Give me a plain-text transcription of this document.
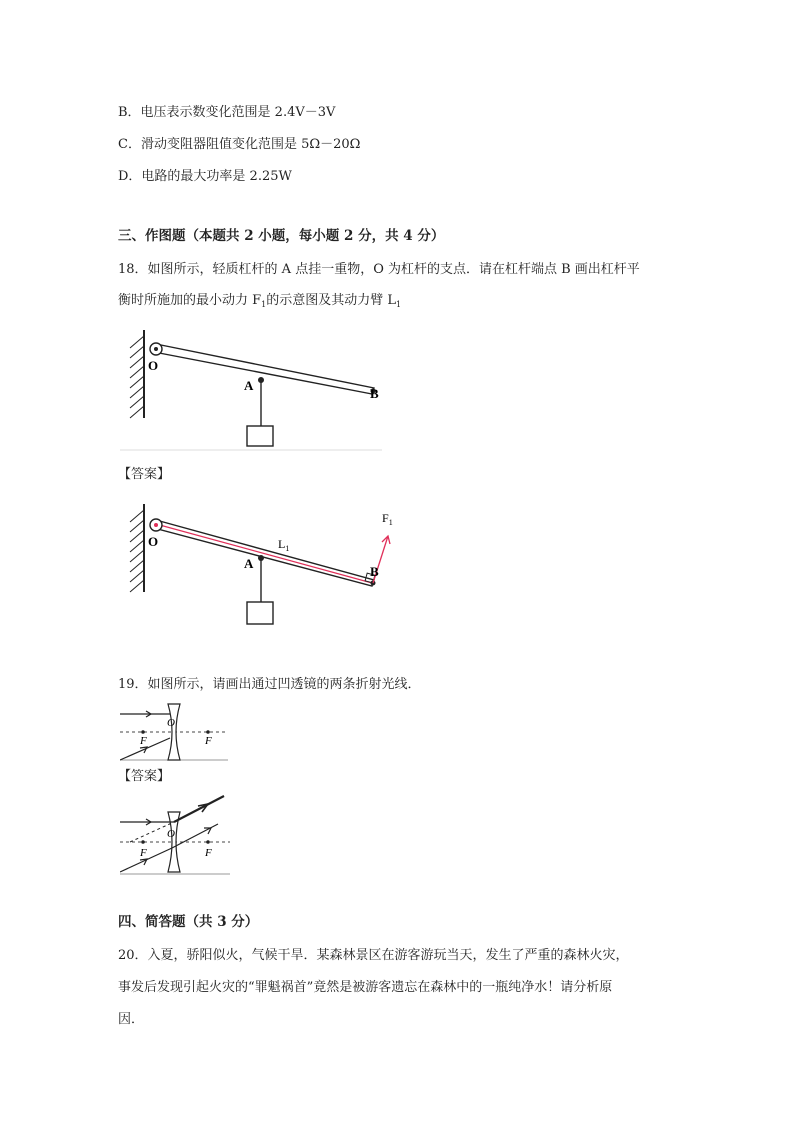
B．电压表示数变化范围是 2.4V－3V
C．滑动变阻器阻值变化范围是 5Ω－20Ω
D．电路的最大功率是 2.25W
三、作图题（本题共 2 小题，每小题 2 分，共 4 分）
18．如图所示，轻质杠杆的 A 点挂一重物，O 为杠杆的支点．请在杠杆端点 B 画出杠杆平
衡时所施加的最小动力 $F_1$的示意图及其动力臂 $L_1$
O
A
B
【答案】
O
A
B
$L_1$
$F_1$
19．如图所示，请画出通过凹透镜的两条折射光线．
O
F	F
【答案】
O
F	F
四、简答题（共 3 分）
20．入夏，骄阳似火，气候干旱．某森林景区在游客游玩当天，发生了严重的森林火灾，
事发后发现引起火灾的“罪魁祸首”竟然是被游客遗忘在森林中的一瓶纯净水！请分析原
因．
